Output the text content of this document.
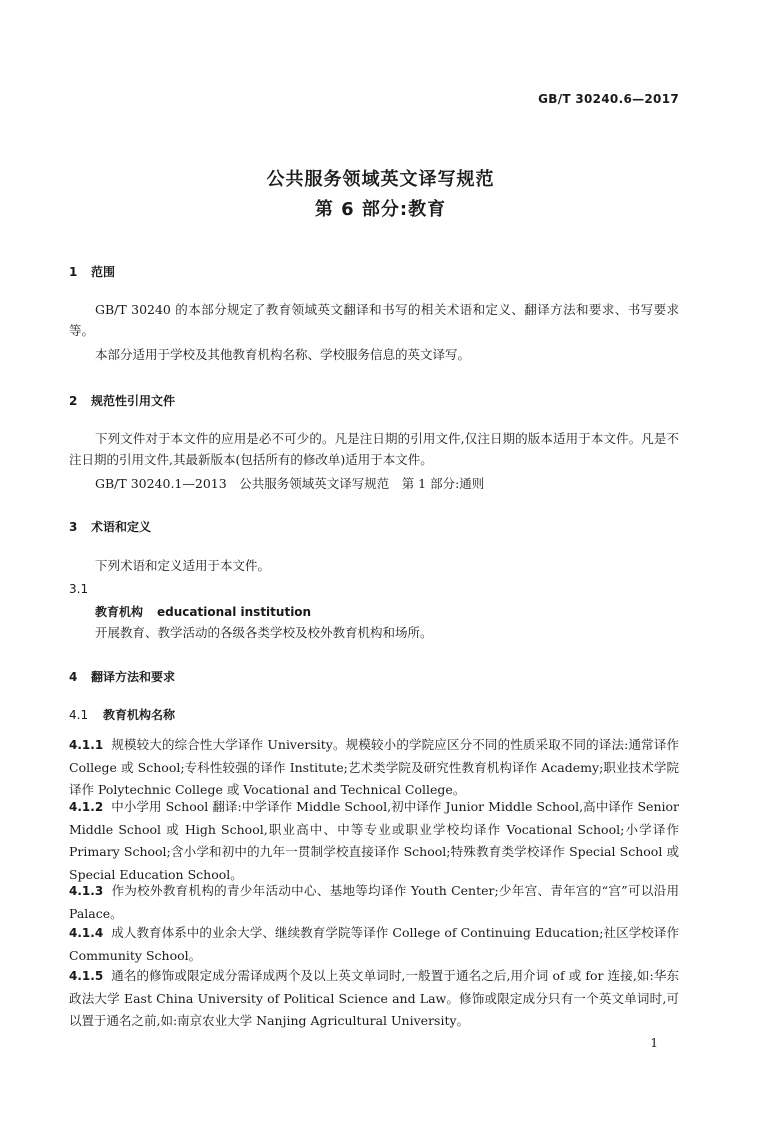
GB/T 30240.6—2017
公共服务领域英文译写规范
第 6 部分:教育
1 范围

GB/T 30240 的本部分规定了教育领域英文翻译和书写的相关术语和定义、翻译方法和要求、书写要求等。

本部分适用于学校及其他教育机构名称、学校服务信息的英文译写。

2 规范性引用文件

下列文件对于本文件的应用是必不可少的。凡是注日期的引用文件,仅注日期的版本适用于本文件。凡是不注日期的引用文件,其最新版本(包括所有的修改单)适用于本文件。

GB/T 30240.1—2013　公共服务领域英文译写规范　第 1 部分:通则
3 术语和定义
下列术语和定义适用于本文件。
3.1
教育机构 educational institution
开展教育、教学活动的各级各类学校及校外教育机构和场所。
4 翻译方法和要求
4.1 教育机构名称

4.1.1 规模较大的综合性大学译作 University。规模较小的学院应区分不同的性质采取不同的译法:通常译作 College 或 School;专科性较强的译作 Institute;艺术类学院及研究性教育机构译作 Academy;职业技术学院译作 Polytechnic College 或 Vocational and Technical College。

4.1.2 中小学用 School 翻译:中学译作 Middle School,初中译作 Junior Middle School,高中译作 Senior Middle School 或 High School,职业高中、中等专业或职业学校均译作 Vocational School;小学译作 Primary School;含小学和初中的九年一贯制学校直接译作 School;特殊教育类学校译作 Special School 或 Special Education School。

4.1.3 作为校外教育机构的青少年活动中心、基地等均译作 Youth Center;少年宫、青年宫的“宫”可以沿用 Palace。

4.1.4 成人教育体系中的业余大学、继续教育学院等译作 College of Continuing Education;社区学校译作 Community School。

4.1.5 通名的修饰或限定成分需译成两个及以上英文单词时,一般置于通名之后,用介词 of 或 for 连接,如:华东政法大学 East China University of Political Science and Law。修饰或限定成分只有一个英文单词时,可以置于通名之前,如:南京农业大学 Nanjing Agricultural University。

1
